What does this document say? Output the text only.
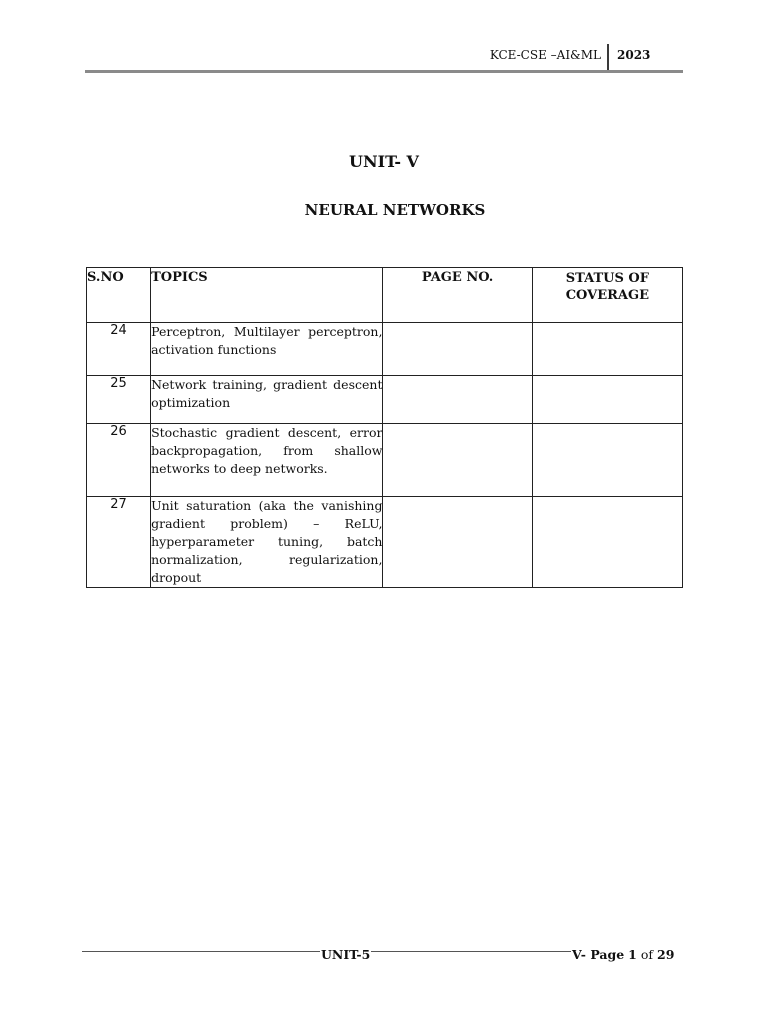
KCE-CSE –AI&ML 2023
UNIT- V
NEURAL NETWORKS
S.NO	TOPICS	PAGE NO.	STATUS OF COVERAGE
24	Perceptron, Multilayer perceptron, activation functions		
25	Network training, gradient descent optimization		
26	Stochastic gradient descent, error backpropagation, from shallow networks to deep networks.		
27	Unit saturation (aka the vanishing gradient problem) – ReLU, hyperparameter tuning, batch normalization, regularization, dropout		
UNIT-5	V- Page 1 of 29
